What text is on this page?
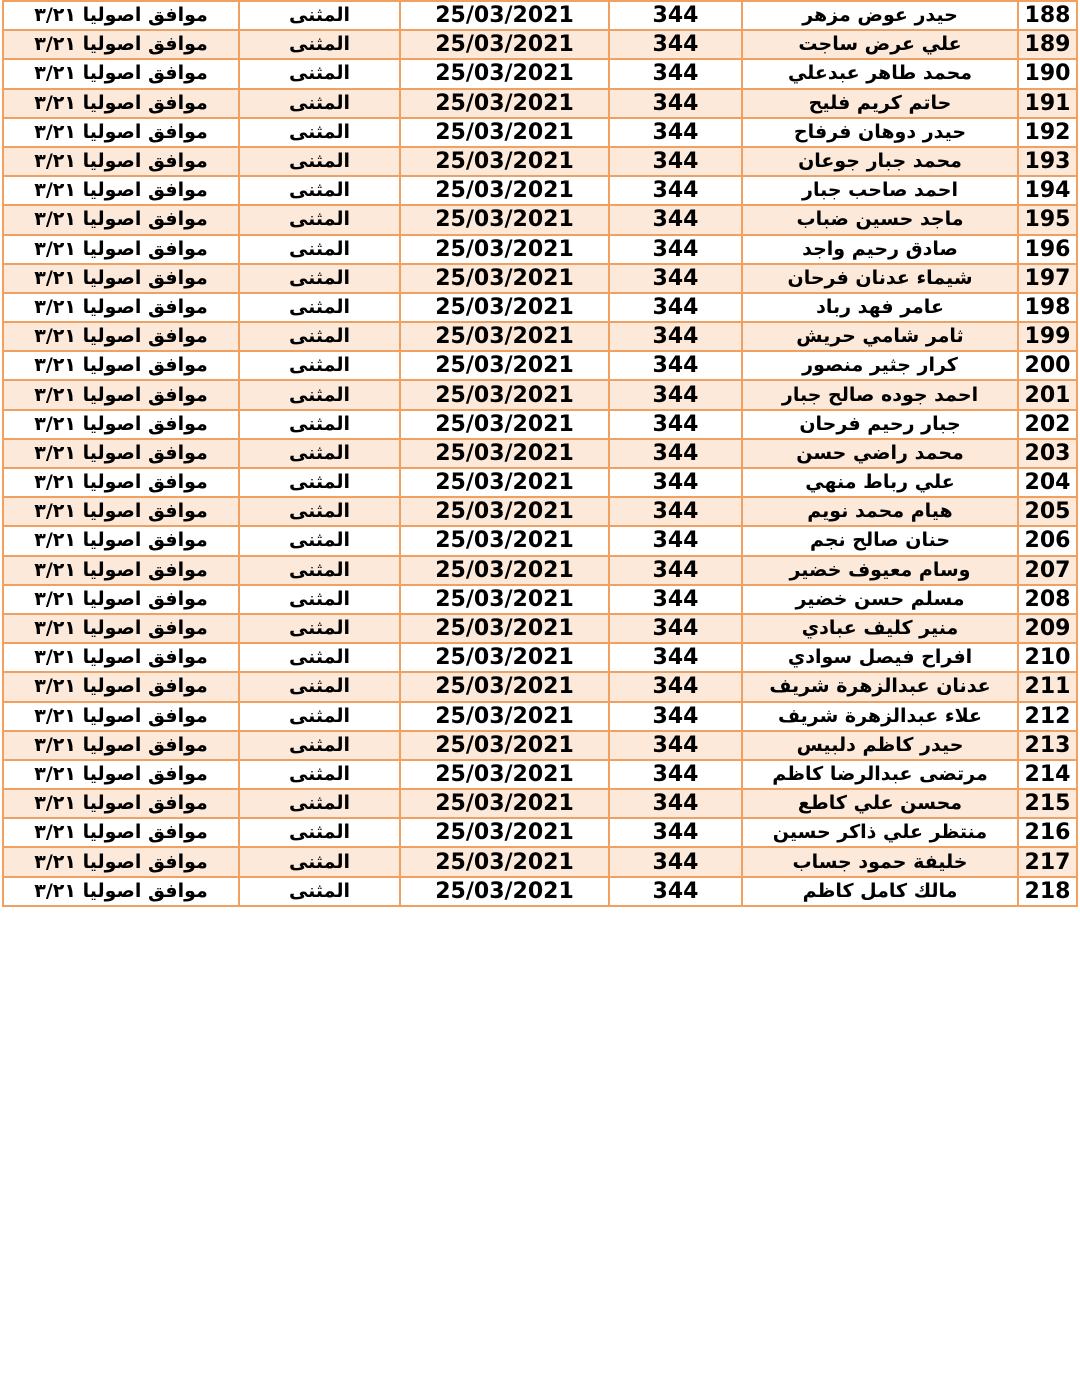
188	حيدر عوض مزهر	344	25/03/2021	المثنى	موافق اصوليا ٣/٢١
189	علي عرض ساجت	344	25/03/2021	المثنى	موافق اصوليا ٣/٢١
190	محمد طاهر عبدعلي	344	25/03/2021	المثنى	موافق اصوليا ٣/٢١
191	حاتم كريم فليح	344	25/03/2021	المثنى	موافق اصوليا ٣/٢١
192	حيدر دوهان فرفاح	344	25/03/2021	المثنى	موافق اصوليا ٣/٢١
193	محمد جبار جوعان	344	25/03/2021	المثنى	موافق اصوليا ٣/٢١
194	احمد صاحب جبار	344	25/03/2021	المثنى	موافق اصوليا ٣/٢١
195	ماجد حسين ضباب	344	25/03/2021	المثنى	موافق اصوليا ٣/٢١
196	صادق رحيم واجد	344	25/03/2021	المثنى	موافق اصوليا ٣/٢١
197	شيماء عدنان فرحان	344	25/03/2021	المثنى	موافق اصوليا ٣/٢١
198	عامر فهد رباد	344	25/03/2021	المثنى	موافق اصوليا ٣/٢١
199	ثامر شامي حريش	344	25/03/2021	المثنى	موافق اصوليا ٣/٢١
200	كرار جثير منصور	344	25/03/2021	المثنى	موافق اصوليا ٣/٢١
201	احمد جوده صالح جبار	344	25/03/2021	المثنى	موافق اصوليا ٣/٢١
202	جبار رحيم فرحان	344	25/03/2021	المثنى	موافق اصوليا ٣/٢١
203	محمد راضي حسن	344	25/03/2021	المثنى	موافق اصوليا ٣/٢١
204	علي رباط منهي	344	25/03/2021	المثنى	موافق اصوليا ٣/٢١
205	هيام محمد نويم	344	25/03/2021	المثنى	موافق اصوليا ٣/٢١
206	حنان صالح نجم	344	25/03/2021	المثنى	موافق اصوليا ٣/٢١
207	وسام معيوف خضير	344	25/03/2021	المثنى	موافق اصوليا ٣/٢١
208	مسلم حسن خضير	344	25/03/2021	المثنى	موافق اصوليا ٣/٢١
209	منير كليف عبادي	344	25/03/2021	المثنى	موافق اصوليا ٣/٢١
210	افراح فيصل سوادي	344	25/03/2021	المثنى	موافق اصوليا ٣/٢١
211	عدنان عبدالزهرة شريف	344	25/03/2021	المثنى	موافق اصوليا ٣/٢١
212	علاء عبدالزهرة شريف	344	25/03/2021	المثنى	موافق اصوليا ٣/٢١
213	حيدر كاظم دلبيس	344	25/03/2021	المثنى	موافق اصوليا ٣/٢١
214	مرتضى عبدالرضا كاظم	344	25/03/2021	المثنى	موافق اصوليا ٣/٢١
215	محسن علي كاطع	344	25/03/2021	المثنى	موافق اصوليا ٣/٢١
216	منتظر علي ذاكر حسين	344	25/03/2021	المثنى	موافق اصوليا ٣/٢١
217	خليفة حمود جساب	344	25/03/2021	المثنى	موافق اصوليا ٣/٢١
218	مالك كامل كاظم	344	25/03/2021	المثنى	موافق اصوليا ٣/٢١
